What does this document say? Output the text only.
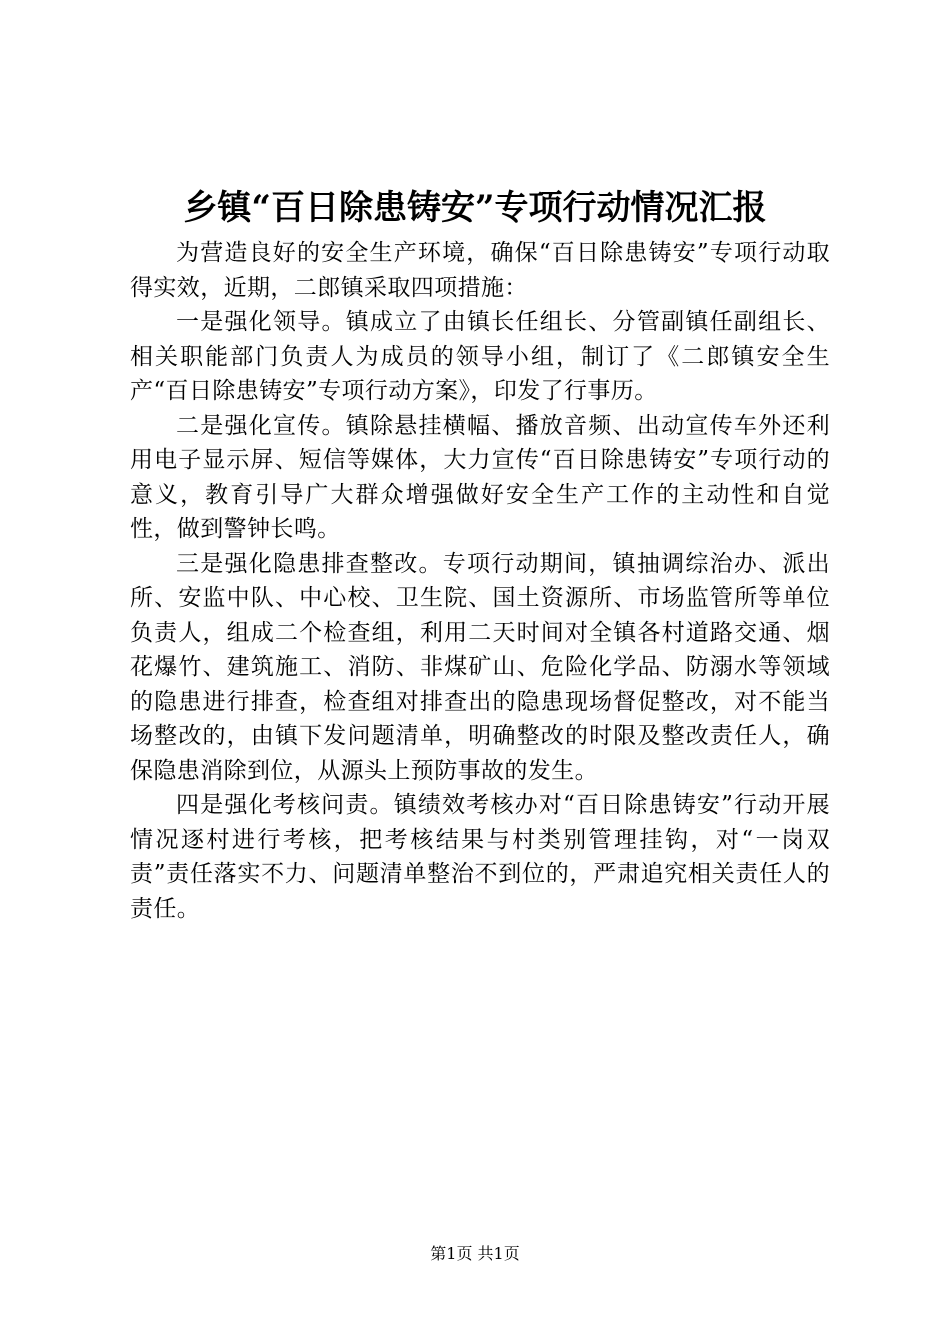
乡镇“百日除患铸安”专项行动情况汇报

为营造良好的安全生产环境，确保“百日除患铸安”专项行动取得实效，近期，二郎镇采取四项措施：

一是强化领导。镇成立了由镇长任组长、分管副镇任副组长、相关职能部门负责人为成员的领导小组，制订了《二郎镇安全生产“百日除患铸安”专项行动方案》，印发了行事历。

二是强化宣传。镇除悬挂横幅、播放音频、出动宣传车外还利用电子显示屏、短信等媒体，大力宣传“百日除患铸安”专项行动的意义，教育引导广大群众增强做好安全生产工作的主动性和自觉性，做到警钟长鸣。

三是强化隐患排查整改。专项行动期间，镇抽调综治办、派出所、安监中队、中心校、卫生院、国土资源所、市场监管所等单位负责人，组成二个检查组，利用二天时间对全镇各村道路交通、烟花爆竹、建筑施工、消防、非煤矿山、危险化学品、防溺水等领域的隐患进行排查，检查组对排查出的隐患现场督促整改，对不能当场整改的，由镇下发问题清单，明确整改的时限及整改责任人，确保隐患消除到位，从源头上预防事故的发生。

四是强化考核问责。镇绩效考核办对“百日除患铸安”行动开展情况逐村进行考核，把考核结果与村类别管理挂钩，对“一岗双责”责任落实不力、问题清单整治不到位的，严肃追究相关责任人的责任。

第1页 共1页
